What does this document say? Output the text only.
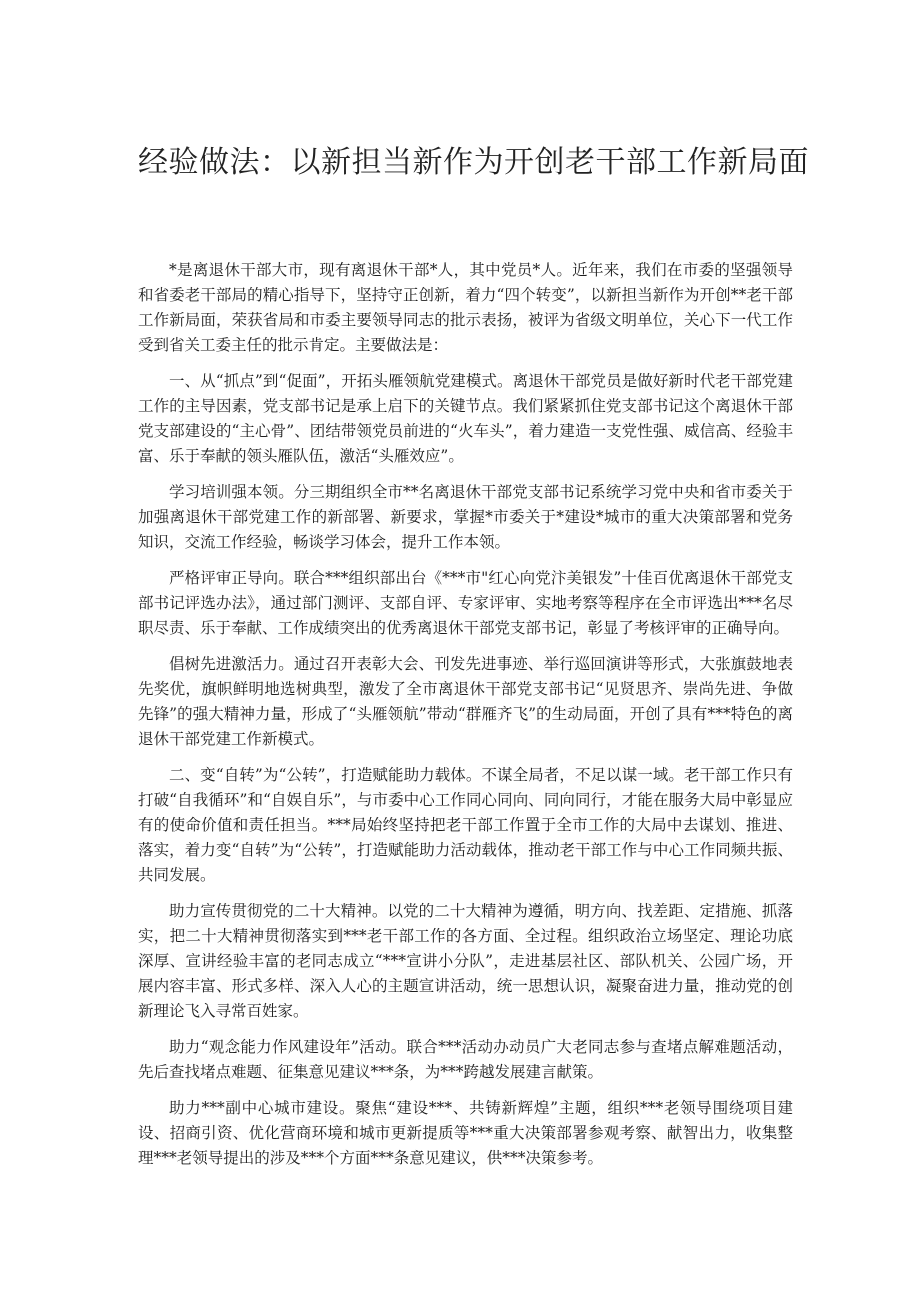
经验做法：以新担当新作为开创老干部工作新局面

*是离退休干部大市，现有离退休干部*人，其中党员*人。近年来，我们在市委的坚强领导和省委老干部局的精心指导下，坚持守正创新，着力“四个转变”，以新担当新作为开创**老干部工作新局面，荣获省局和市委主要领导同志的批示表扬，被评为省级文明单位，关心下一代工作受到省关工委主任的批示肯定。主要做法是：

一、从“抓点”到“促面”，开拓头雁领航党建模式。离退休干部党员是做好新时代老干部党建工作的主导因素，党支部书记是承上启下的关键节点。我们紧紧抓住党支部书记这个离退休干部党支部建设的“主心骨”、团结带领党员前进的“火车头”，着力建造一支党性强、威信高、经验丰富、乐于奉献的领头雁队伍，激活“头雁效应”。

学习培训强本领。分三期组织全市**名离退休干部党支部书记系统学习党中央和省市委关于加强离退休干部党建工作的新部署、新要求，掌握*市委关于*建设*城市的重大决策部署和党务知识，交流工作经验，畅谈学习体会，提升工作本领。

严格评审正导向。联合***组织部出台《***市"红心向党汴美银发”十佳百优离退休干部党支部书记评选办法》，通过部门测评、支部自评、专家评审、实地考察等程序在全市评选出***名尽职尽责、乐于奉献、工作成绩突出的优秀离退休干部党支部书记，彰显了考核评审的正确导向。

倡树先进激活力。通过召开表彰大会、刊发先进事迹、举行巡回演讲等形式，大张旗鼓地表先奖优，旗帜鲜明地选树典型，激发了全市离退休干部党支部书记“见贤思齐、崇尚先进、争做先锋”的强大精神力量，形成了“头雁领航”带动“群雁齐飞”的生动局面，开创了具有***特色的离退休干部党建工作新模式。

二、变“自转”为“公转”，打造赋能助力载体。不谋全局者，不足以谋一域。老干部工作只有打破“自我循环”和“自娱自乐”，与市委中心工作同心同向、同向同行，才能在服务大局中彰显应有的使命价值和责任担当。***局始终坚持把老干部工作置于全市工作的大局中去谋划、推进、落实，着力变“自转”为“公转”，打造赋能助力活动载体，推动老干部工作与中心工作同频共振、共同发展。

助力宣传贯彻党的二十大精神。以党的二十大精神为遵循，明方向、找差距、定措施、抓落实，把二十大精神贯彻落实到***老干部工作的各方面、全过程。组织政治立场坚定、理论功底深厚、宣讲经验丰富的老同志成立“***宣讲小分队”，走进基层社区、部队机关、公园广场，开展内容丰富、形式多样、深入人心的主题宣讲活动，统一思想认识，凝聚奋进力量，推动党的创新理论飞入寻常百姓家。

助力“观念能力作风建设年”活动。联合***活动办动员广大老同志参与查堵点解难题活动，先后查找堵点难题、征集意见建议***条，为***跨越发展建言献策。

助力***副中心城市建设。聚焦“建设***、共铸新辉煌”主题，组织***老领导围绕项目建设、招商引资、优化营商环境和城市更新提质等***重大决策部署参观考察、献智出力，收集整理***老领导提出的涉及***个方面***条意见建议，供***决策参考。
